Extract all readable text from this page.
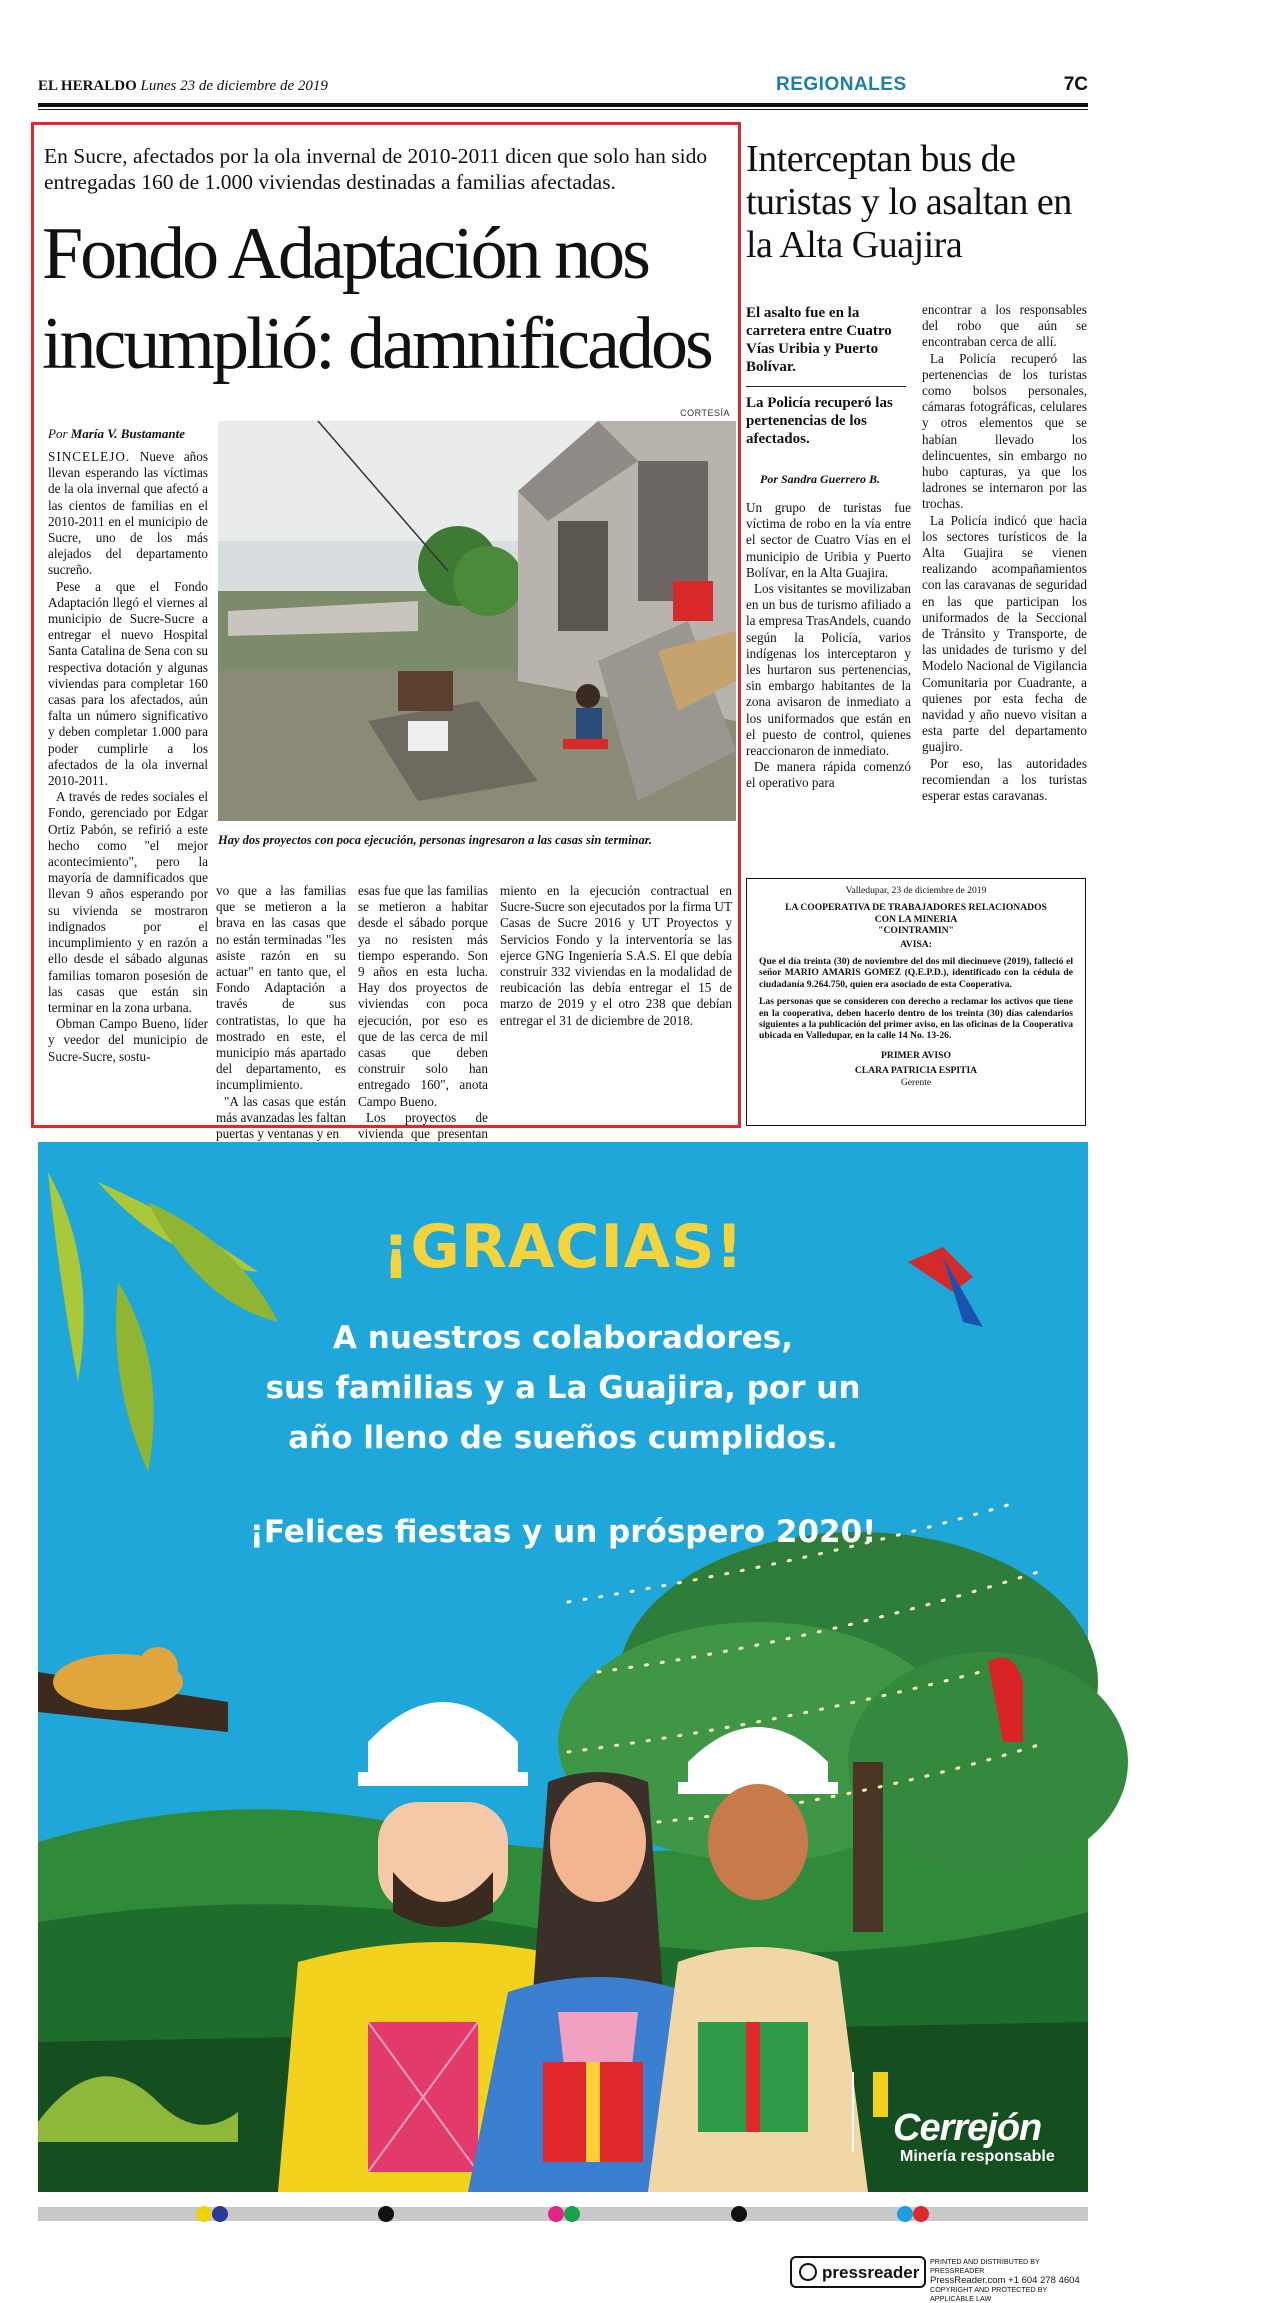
EL HERALDO Lunes 23 de diciembre de 2019	REGIONALES	7C
En Sucre, afectados por la ola invernal de 2010-2011 dicen que solo han sido entregadas 160 de 1.000 viviendas destinadas a familias afectadas.
Fondo Adaptación nos
incumplió: damnificados
CORTESÍA
Por María V. Bustamante
Hay dos proyectos con poca ejecución, personas ingresaron a las casas sin terminar.

SINCELEJO. Nueve años llevan esperando las víctimas de la ola invernal que afectó a las cientos de familias en el 2010-2011 en el municipio de Sucre, uno de los más alejados del departamento sucreño.

Pese a que el Fondo Adaptación llegó el viernes al municipio de Sucre-Sucre a entregar el nuevo Hospital Santa Catalina de Sena con su respectiva dotación y algunas viviendas para completar 160 casas para los afectados, aún falta un número significativo y deben completar 1.000 para poder cumplirle a los afectados de la ola invernal 2010-2011.

A través de redes sociales el Fondo, gerenciado por Edgar Ortiz Pabón, se refirió a este hecho como "el mejor acontecimiento", pero la mayoría de damnificados que llevan 9 años esperando por su vivienda se mostraron indignados por el incumplimiento y en razón a ello desde el sábado algunas familias tomaron posesión de las casas que están sin terminar en la zona urbana.

Obman Campo Bueno, líder y veedor del municipio de Sucre-Sucre, sostu-

vo que a las familias que se metieron a la brava en las casas que no están terminadas "les asiste razón en su actuar" en tanto que, el Fondo Adaptación a través de sus contratistas, lo que ha mostrado en este, el municipio más apartado del departamento, es incumplimiento.

"A las casas que están más avanzadas les faltan puertas y ventanas y en

esas fue que las familias se metieron a habitar desde el sábado porque ya no resisten más tiempo esperando. Son 9 años en esta lucha. Hay dos proyectos de viviendas con poca ejecución, por eso es que de las cerca de mil casas que deben construir solo han entregado 160", anota Campo Bueno.

Los proyectos de vivienda que presentan

miento en la ejecución contractual en Sucre-Sucre son ejecutados por la firma UT Casas de Sucre 2016 y UT Proyectos y Servicios Fondo y la interventoría se las ejerce GNG Ingeniería S.A.S. El que debía construir 332 viviendas en la modalidad de reubicación las debía entregar el 15 de marzo de 2019 y el otro 238 que debían entregar el 31 de diciembre de 2018.

Interceptan bus de turistas y lo asaltan en la Alta Guajira
El asalto fue en la carretera entre Cuatro Vías Uribia y Puerto Bolívar.
La Policía recuperó las pertenencias de los afectados.
Por Sandra Guerrero B.

Un grupo de turistas fue víctima de robo en la vía entre el sector de Cuatro Vías en el municipio de Uribia y Puerto Bolívar, en la Alta Guajira.

Los visitantes se movilizaban en un bus de turismo afiliado a la empresa TrasAndels, cuando según la Policía, varios indígenas los interceptaron y les hurtaron sus pertenencias, sin embargo habitantes de la zona avisaron de inmediato a los uniformados que están en el puesto de control, quienes reaccionaron de inmediato.

De manera rápida comenzó el operativo para

encontrar a los responsables del robo que aún se encontraban cerca de allí.

La Policía recuperó las pertenencias de los turistas como bolsos personales, cámaras fotográficas, celulares y otros elementos que se habían llevado los delincuentes, sin embargo no hubo capturas, ya que los ladrones se internaron por las trochas.

La Policía indicó que hacia los sectores turísticos de la Alta Guajira se vienen realizando acompañamientos con las caravanas de seguridad en las que participan los uniformados de la Seccional de Tránsito y Transporte, de las unidades de turismo y del Modelo Nacional de Vigilancia Comunitaria por Cuadrante, a quienes por esta fecha de navidad y año nuevo visitan a esta parte del departamento guajiro.

Por eso, las autoridades recomiendan a los turistas esperar estas caravanas.

Valledupar, 23 de diciembre de 2019
LA COOPERATIVA DE TRABAJADORES RELACIONADOS
CON LA MINERIA
"COINTRAMIN"
AVISA:
Que el día treinta (30) de noviembre del dos mil diecinueve (2019), falleció el señor MARIO AMARIS GOMEZ (Q.E.P.D.), identificado con la cédula de ciudadanía 9.264.750, quien era asociado de esta Cooperativa.
Las personas que se consideren con derecho a reclamar los activos que tiene en la cooperativa, deben hacerlo dentro de los treinta (30) días calendarios siguientes a la publicación del primer aviso, en las oficinas de la Cooperativa ubicada en Valledupar, en la calle 14 No. 13-26.
PRIMER AVISO
CLARA PATRICIA ESPITIA
Gerente
¡GRACIAS!
A nuestros colaboradores,
sus familias y a La Guajira, por un
año lleno de sueños cumplidos.
¡Felices fiestas y un próspero 2020!
Cerrejón
Minería responsable
pressreader
PRINTED AND DISTRIBUTED BY PRESSREADER
PressReader.com +1 604 278 4604
COPYRIGHT AND PROTECTED BY APPLICABLE LAW
